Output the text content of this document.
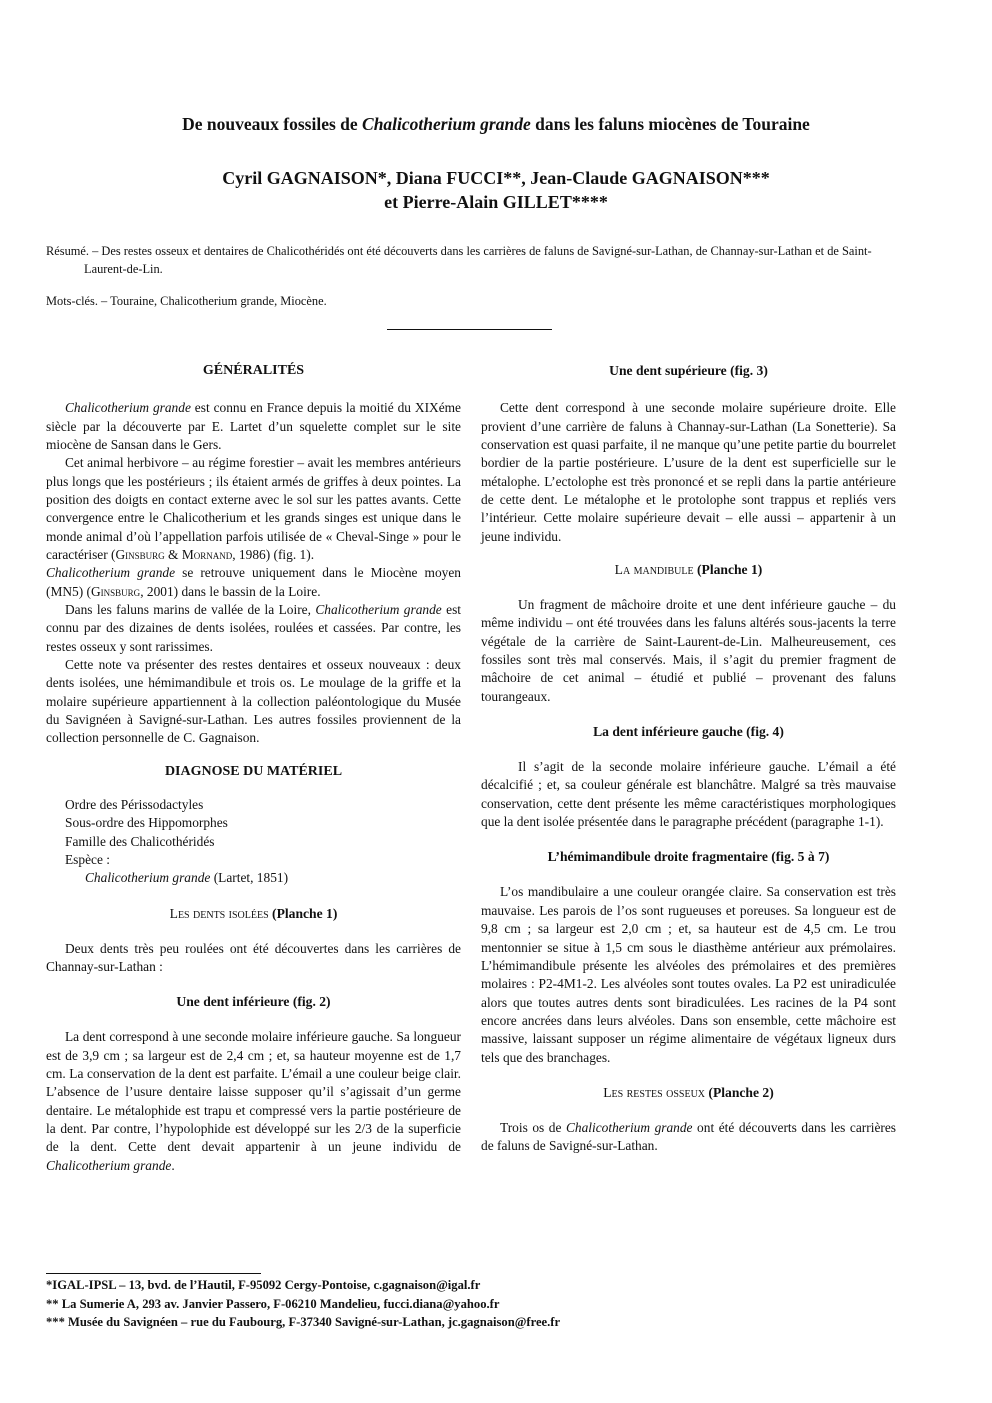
De nouveaux fossiles de Chalicotherium grande dans les faluns miocènes de Touraine
Cyril GAGNAISON*, Diana FUCCI**, Jean-Claude GAGNAISON***
et Pierre-Alain GILLET****
Résumé. – Des restes osseux et dentaires de Chalicothéridés ont été découverts dans les carrières de faluns de Savigné-sur-Lathan, de Channay-sur-Lathan et de Saint-Laurent-de-Lin.
Mots-clés. – Touraine, Chalicotherium grande, Miocène.
GÉNÉRALITÉS

Chalicotherium grande est connu en France depuis la moitié du XIXéme siècle par la découverte par E. Lartet d’un squelette complet sur le site miocène de Sansan dans le Gers.

Cet animal herbivore – au régime forestier – avait les membres antérieurs plus longs que les postérieurs ; ils étaient armés de griffes à deux pointes. La position des doigts en contact externe avec le sol sur les pattes avants. Cette convergence entre le Chalicotherium et les grands singes est unique dans le monde animal d’où l’appellation parfois utilisée de « Cheval-Singe » pour le caractériser (Ginsburg & Mornand, 1986) (fig. 1).

Chalicotherium grande se retrouve uniquement dans le Miocène moyen (MN5) (Ginsburg, 2001) dans le bassin de la Loire.

Dans les faluns marins de vallée de la Loire, Chalicotherium grande est connu par des dizaines de dents isolées, roulées et cassées. Par contre, les restes osseux y sont rarissimes.

Cette note va présenter des restes dentaires et osseux nouveaux : deux dents isolées, une hémimandibule et trois os. Le moulage de la griffe et la molaire supérieure appartiennent à la collection paléontologique du Musée du Savignéen à Savigné-sur-Lathan. Les autres fossiles proviennent de la collection personnelle de C. Gagnaison.

DIAGNOSE DU MATÉRIEL
Ordre des Périssodactyles
Sous-ordre des Hippomorphes
Famille des Chalicothéridés
Espèce :
Chalicotherium grande (Lartet, 1851)
Les dents isolées (Planche 1)

Deux dents très peu roulées ont été découvertes dans les carrières de Channay-sur-Lathan :

Une dent inférieure (fig. 2)

La dent correspond à une seconde molaire inférieure gauche. Sa longueur est de 3,9 cm ; sa largeur est de 2,4 cm ; et, sa hauteur moyenne est de 1,7 cm. La conservation de la dent est parfaite. L’émail a une couleur beige clair. L’absence de l’usure dentaire laisse supposer qu’il s’agissait d’un germe dentaire. Le métalophide est trapu et compressé vers la partie postérieure de la dent. Par contre, l’hypolophide est développé sur les 2/3 de la superficie de la dent. Cette dent devait appartenir à un jeune individu de Chalicotherium grande.

Une dent supérieure (fig. 3)

Cette dent correspond à une seconde molaire supérieure droite. Elle provient d’une carrière de faluns à Channay-sur-Lathan (La Sonetterie). Sa conservation est quasi parfaite, il ne manque qu’une petite partie du bourrelet bordier de la partie postérieure. L’usure de la dent est superficielle sur le métalophe. L’ectolophe est très prononcé et se repli dans la partie antérieure de cette dent. Le métalophe et le protolophe sont trappus et repliés vers l’intérieur. Cette molaire supérieure devait – elle aussi – appartenir à un jeune individu.

La mandibule (Planche 1)

Un fragment de mâchoire droite et une dent inférieure gauche – du même individu – ont été trouvées dans les faluns altérés sous-jacents la terre végétale de la carrière de Saint-Laurent-de-Lin. Malheureusement, ces fossiles sont très mal conservés. Mais, il s’agit du premier fragment de mâchoire de cet animal – étudié et publié – provenant des faluns tourangeaux.

La dent inférieure gauche (fig. 4)

Il s’agit de la seconde molaire inférieure gauche. L’émail a été décalcifié ; et, sa couleur générale est blanchâtre. Malgré sa très mauvaise conservation, cette dent présente les même caractéristiques morphologiques que la dent isolée présentée dans le paragraphe précédent (paragraphe 1-1).

L’hémimandibule droite fragmentaire (fig. 5 à 7)

L’os mandibulaire a une couleur orangée claire. Sa conservation est très mauvaise. Les parois de l’os sont rugueuses et poreuses. Sa longueur est de 9,8 cm ; sa largeur est 2,0 cm ; et, sa hauteur est de 4,5 cm. Le trou mentonnier se situe à 1,5 cm sous le diasthème antérieur aux prémolaires. L’hémimandibule présente les alvéoles des prémolaires et des premières molaires : P2-4M1-2. Les alvéoles sont toutes ovales. La P2 est uniradiculée alors que toutes autres dents sont biradiculées. Les racines de la P4 sont encore ancrées dans leurs alvéoles. Dans son ensemble, cette mâchoire est massive, laissant supposer un régime alimentaire de végétaux ligneux durs tels que des branchages.

Les restes osseux (Planche 2)

Trois os de Chalicotherium grande ont été découverts dans les carrières de faluns de Savigné-sur-Lathan.

*IGAL-IPSL – 13, bvd. de l’Hautil, F-95092 Cergy-Pontoise, c.gagnaison@igal.fr
** La Sumerie A, 293 av. Janvier Passero, F-06210 Mandelieu, fucci.diana@yahoo.fr
*** Musée du Savignéen – rue du Faubourg, F-37340 Savigné-sur-Lathan, jc.gagnaison@free.fr
